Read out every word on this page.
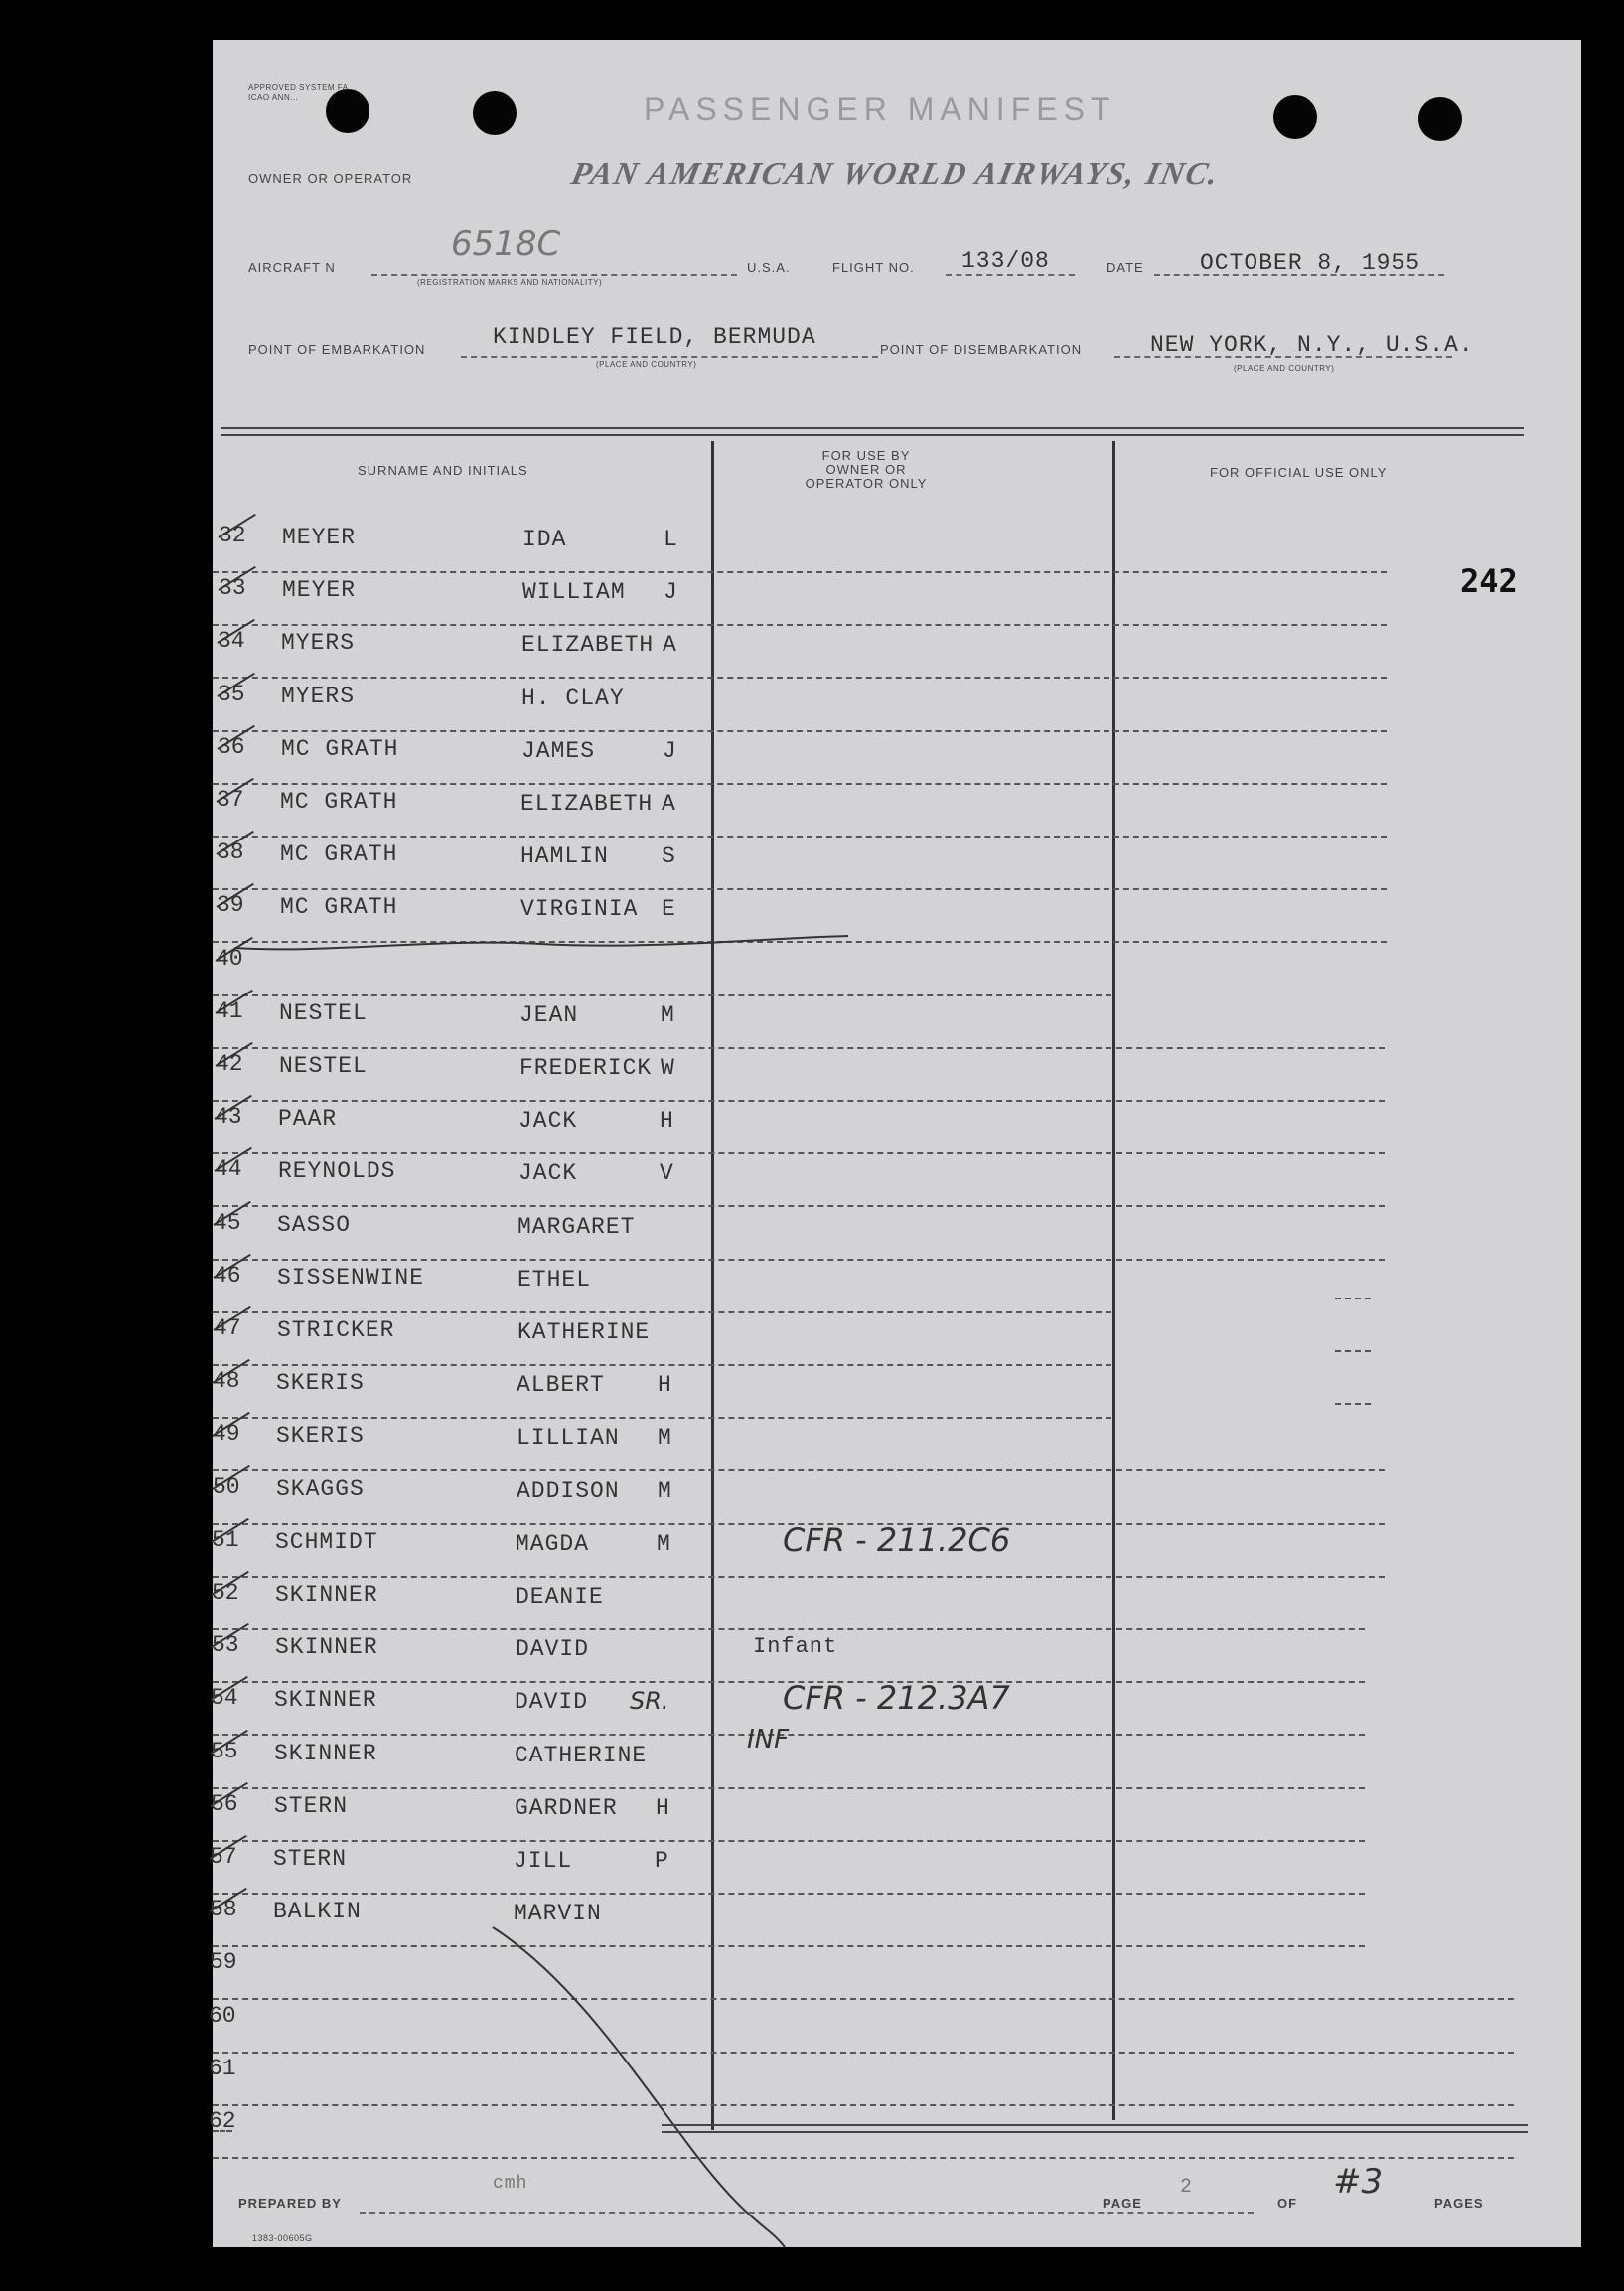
APPROVED SYSTEM FA... ICAO ANN...	PASSENGER MANIFEST
OWNER OR OPERATOR	PAN AMERICAN WORLD AIRWAYS, INC.
AIRCRAFT N
6518C
(REGISTRATION MARKS AND NATIONALITY)
U.S.A.	FLIGHT NO. 133/08	DATE OCTOBER 8, 1955
POINT OF EMBARKATION	KINDLEY FIELD, BERMUDA
(PLACE AND COUNTRY)
POINT OF DISEMBARKATION	NEW YORK, N.Y., U.S.A.
(PLACE AND COUNTRY)
SURNAME AND INITIALS
FOR USE BY OWNER OR OPERATOR ONLY
FOR OFFICIAL USE ONLY
242
32 MEYER	IDA	L
33 MEYER	WILLIAM J
34 MYERS	ELIZABETH A
35 MYERS	H. CLAY
36 MC GRATH	JAMES	J
37 MC GRATH	ELIZABETH A
38 MC GRATH	HAMLIN S
39 MC GRATH	VIRGINIA E
40
41 NESTEL	JEAN	M
42 NESTEL	FREDERICK W
43 PAAR	JACK	H
44 REYNOLDS	JACK	V
45 SASSO	MARGARET
46 SISSENWINE	ETHEL
47 STRICKER	KATHERINE
48 SKERIS	ALBERT H
49 SKERIS	LILLIAN M
50 SKAGGS	ADDISON M
51 SCHMIDT	MAGDA	M	CFR - 211.2C6
52 SKINNER	DEANIE
53 SKINNER	DAVID	Infant
54 SKINNER	DAVID SR.	CFR - 212.3A7
55 SKINNER	CATHERINE
INF
56 STERN	GARDNER H
57 STERN	JILL	P
58 BALKIN	MARVIN
59
60
61
62
PREPARED BY
cmh
PAGE
2
OF
#3
PAGES
1383-00605G
